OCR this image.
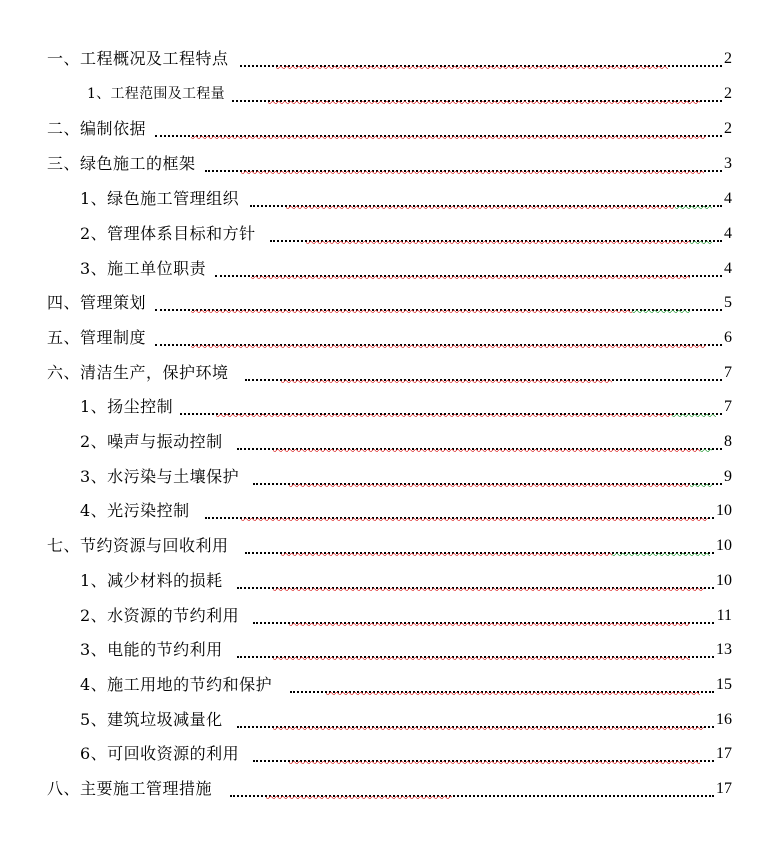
一、工程概况及工程特点	2
1、工程范围及工程量	2
二、编制依据	2
三、绿色施工的框架	3
1、绿色施工管理组织	4
2、管理体系目标和方针	4
3、施工单位职责	4
四、管理策划	5
五、管理制度	6
六、清洁生产，保护环境	7
1、扬尘控制	7
2、噪声与振动控制	8
3、水污染与土壤保护	9
4、光污染控制	10
七、节约资源与回收利用	10
1、减少材料的损耗	10
2、水资源的节约利用	11
3、电能的节约利用	13
4、施工用地的节约和保护	15
5、建筑垃圾减量化	16
6、可回收资源的利用	17
八、主要施工管理措施	17
